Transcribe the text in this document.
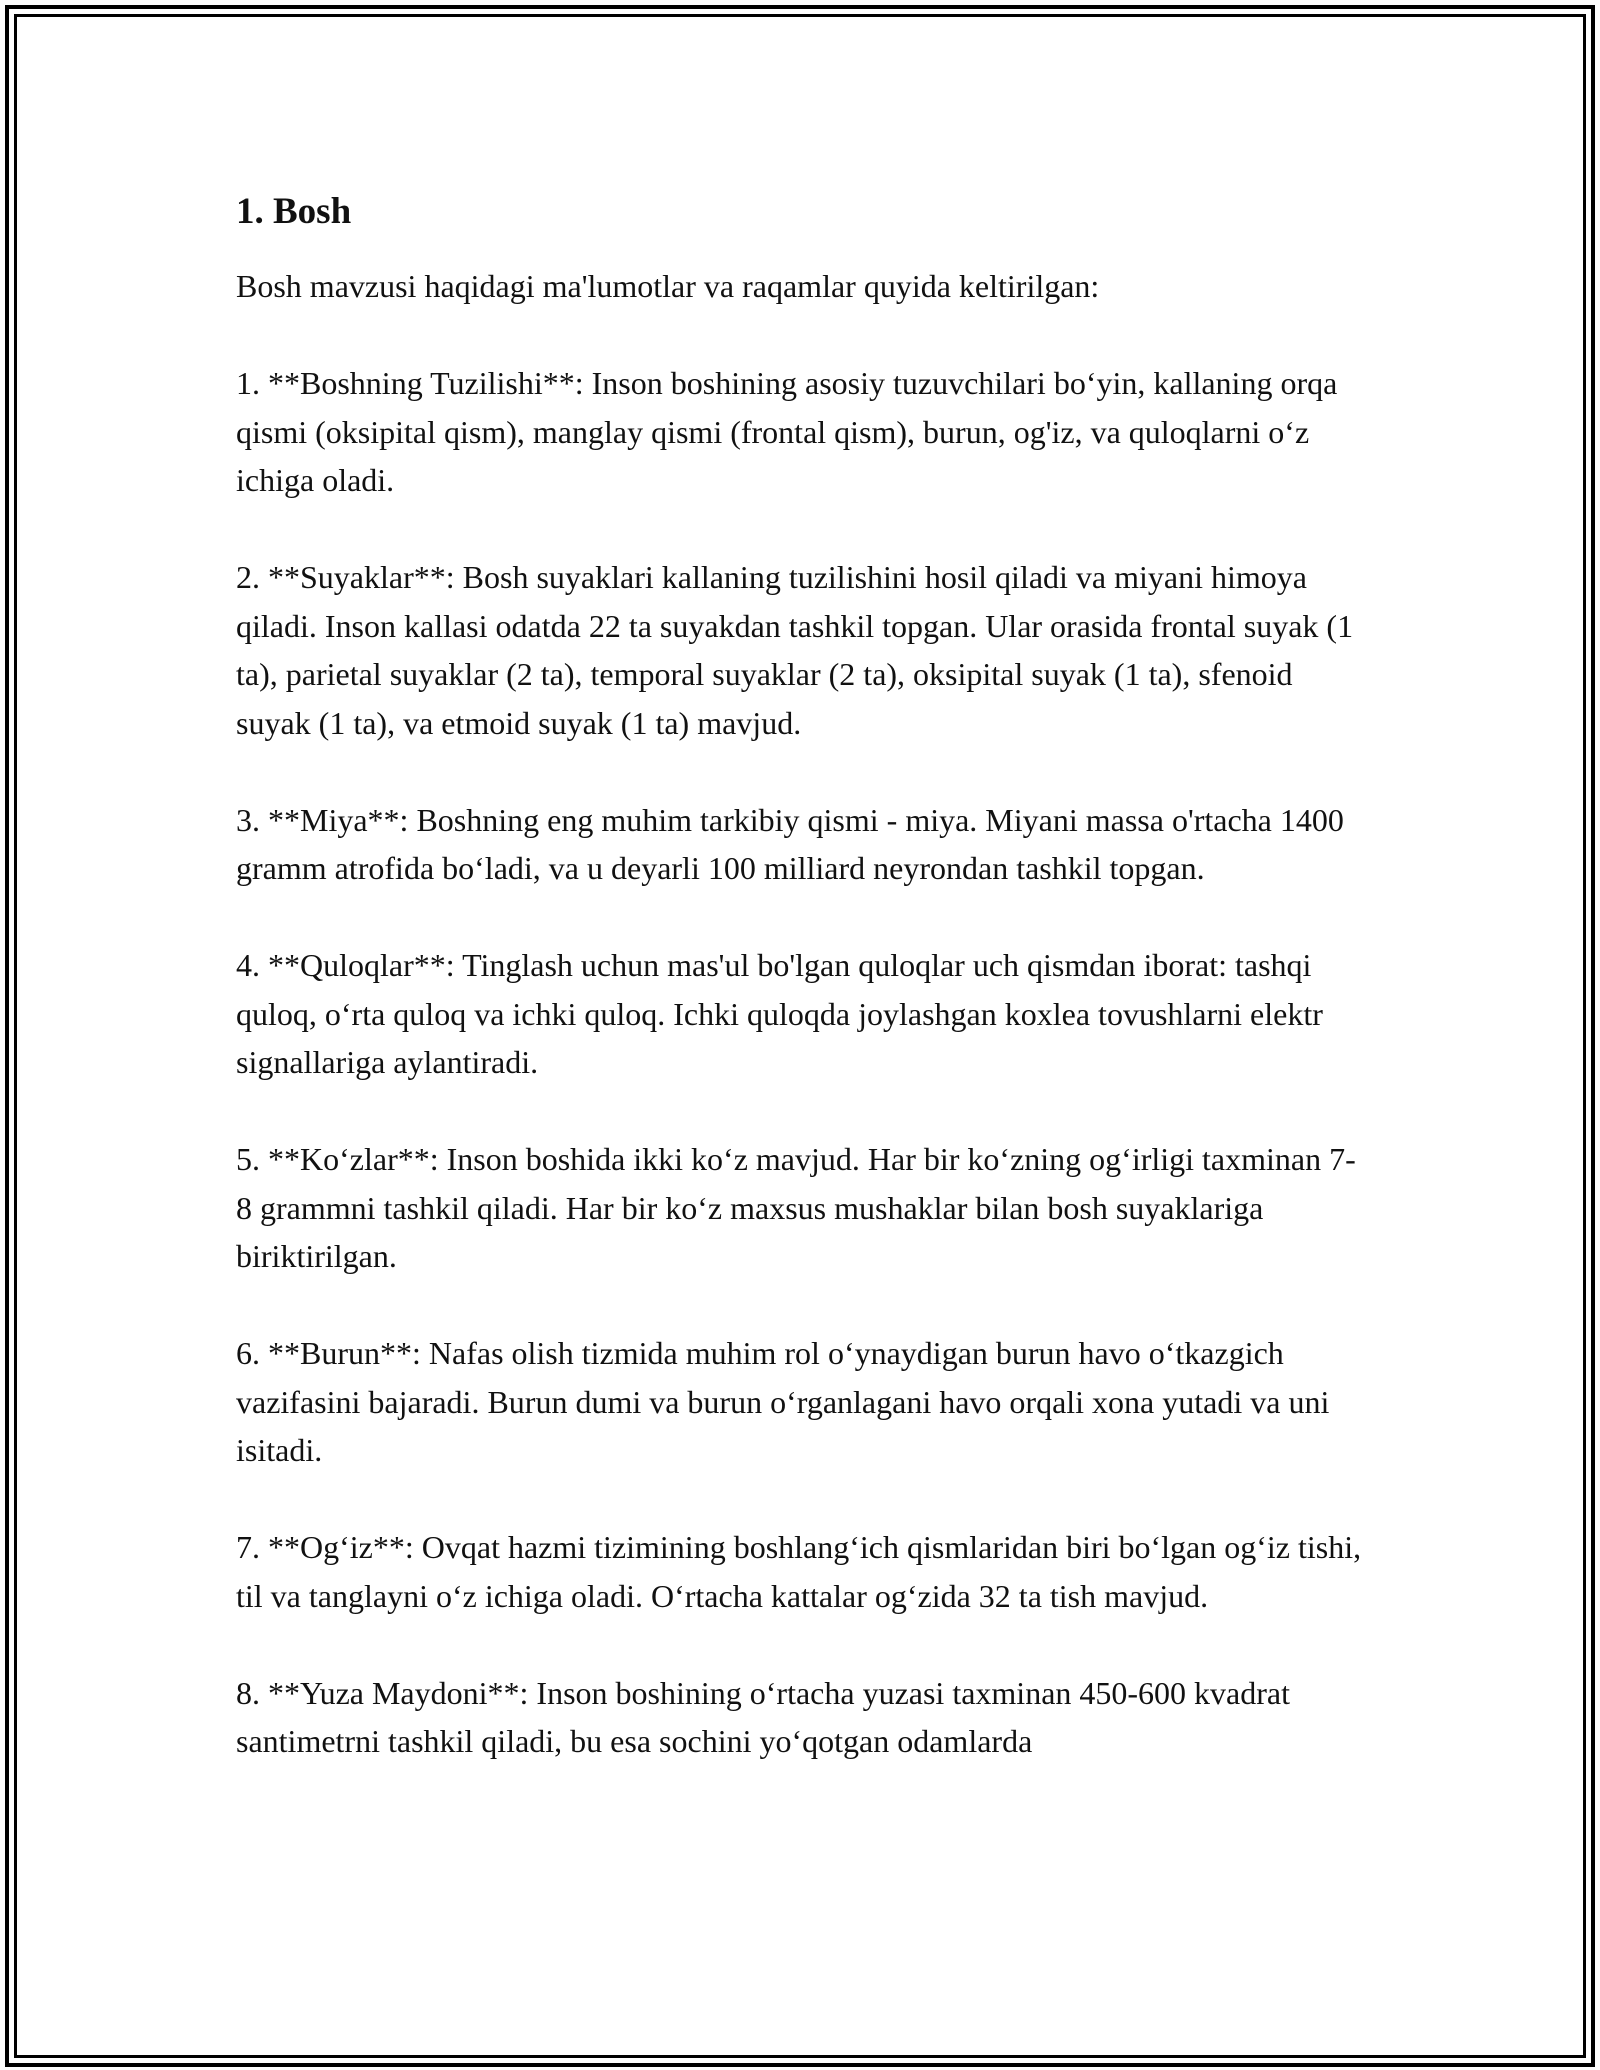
1. Bosh

Bosh mavzusi haqidagi ma'lumotlar va raqamlar quyida keltirilgan:

1. **Boshning Tuzilishi**: Inson boshining asosiy tuzuvchilari bo‘yin, kallaning orqa qismi (oksipital qism), manglay qismi (frontal qism), burun, og'iz, va quloqlarni o‘z ichiga oladi.

2. **Suyaklar**: Bosh suyaklari kallaning tuzilishini hosil qiladi va miyani himoya qiladi. Inson kallasi odatda 22 ta suyakdan tashkil topgan. Ular orasida frontal suyak (1 ta), parietal suyaklar (2 ta), temporal suyaklar (2 ta), oksipital suyak (1 ta), sfenoid suyak (1 ta), va etmoid suyak (1 ta) mavjud.

3. **Miya**: Boshning eng muhim tarkibiy qismi - miya. Miyani massa o'rtacha 1400 gramm atrofida bo‘ladi, va u deyarli 100 milliard neyrondan tashkil topgan.

4. **Quloqlar**: Tinglash uchun mas'ul bo'lgan quloqlar uch qismdan iborat: tashqi quloq, o‘rta quloq va ichki quloq. Ichki quloqda joylashgan koxlea tovushlarni elektr signallariga aylantiradi.

5. **Ko‘zlar**: Inson boshida ikki ko‘z mavjud. Har bir ko‘zning og‘irligi taxminan 7-8 grammni tashkil qiladi. Har bir ko‘z maxsus mushaklar bilan bosh suyaklariga biriktirilgan.

6. **Burun**: Nafas olish tizmida muhim rol o‘ynaydigan burun havo o‘tkazgich vazifasini bajaradi. Burun dumi va burun o‘rganlagani havo orqali xona yutadi va uni isitadi.

7. **Og‘iz**: Ovqat hazmi tizimining boshlang‘ich qismlaridan biri bo‘lgan og‘iz tishi, til va tanglayni o‘z ichiga oladi. O‘rtacha kattalar og‘zida 32 ta tish mavjud.

8. **Yuza Maydoni**: Inson boshining o‘rtacha yuzasi taxminan 450-600 kvadrat santimetrni tashkil qiladi, bu esa sochini yo‘qotgan odamlarda
